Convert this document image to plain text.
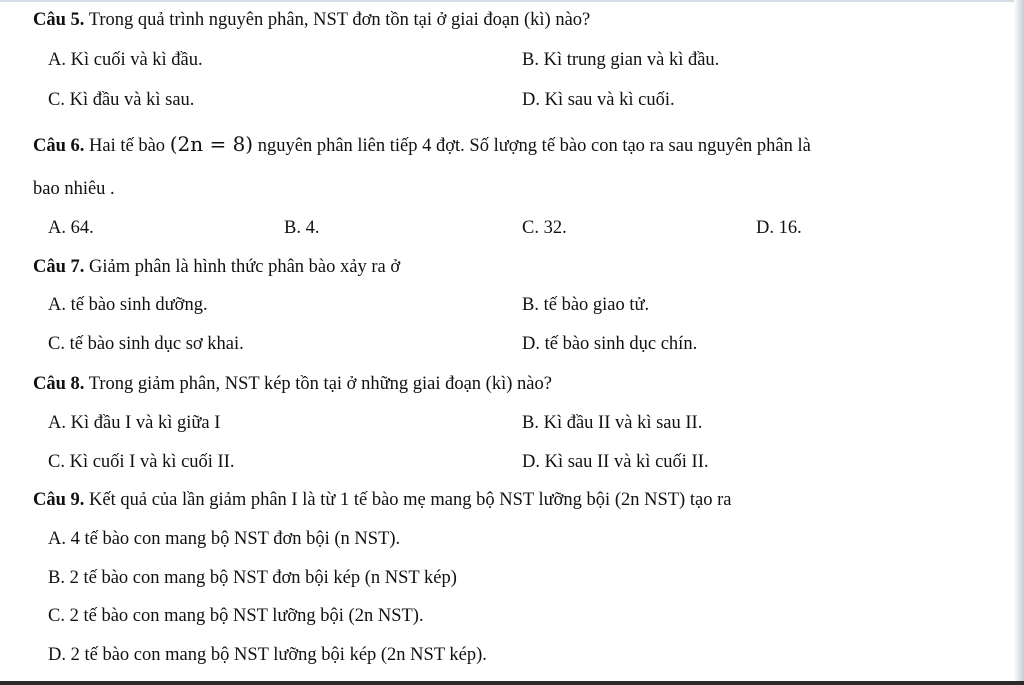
Câu 5. Trong quả trình nguyên phân, NST đơn tồn tại ở giai đoạn (kì) nào?
A. Kì cuối và kì đầu.	B. Kì trung gian và kì đầu.
C. Kì đầu và kì sau.	D. Kì sau và kì cuối.
Câu 6. Hai tế bào (2n = 8) nguyên phân liên tiếp 4 đợt. Số lượng tế bào con tạo ra sau nguyên phân là
bao nhiêu .
A. 64.	B. 4.	C. 32.	D. 16.
Câu 7. Giảm phân là hình thức phân bào xảy ra ở
A. tế bào sinh dưỡng.	B. tế bào giao tử.
C. tế bào sinh dục sơ khai.	D. tế bào sinh dục chín.
Câu 8. Trong giảm phân, NST kép tồn tại ở những giai đoạn (kì) nào?
A. Kì đầu I và kì giữa I	B. Kì đầu II và kì sau II.
C. Kì cuối I và kì cuối II.	D. Kì sau II và kì cuối II.
Câu 9. Kết quả của lần giảm phân I là từ 1 tế bào mẹ mang bộ NST lưỡng bội (2n NST) tạo ra
A. 4 tế bào con mang bộ NST đơn bội (n NST).
B. 2 tế bào con mang bộ NST đơn bội kép (n NST kép)
C. 2 tế bào con mang bộ NST lưỡng bội (2n NST).
D. 2 tế bào con mang bộ NST lưỡng bội kép (2n NST kép).
